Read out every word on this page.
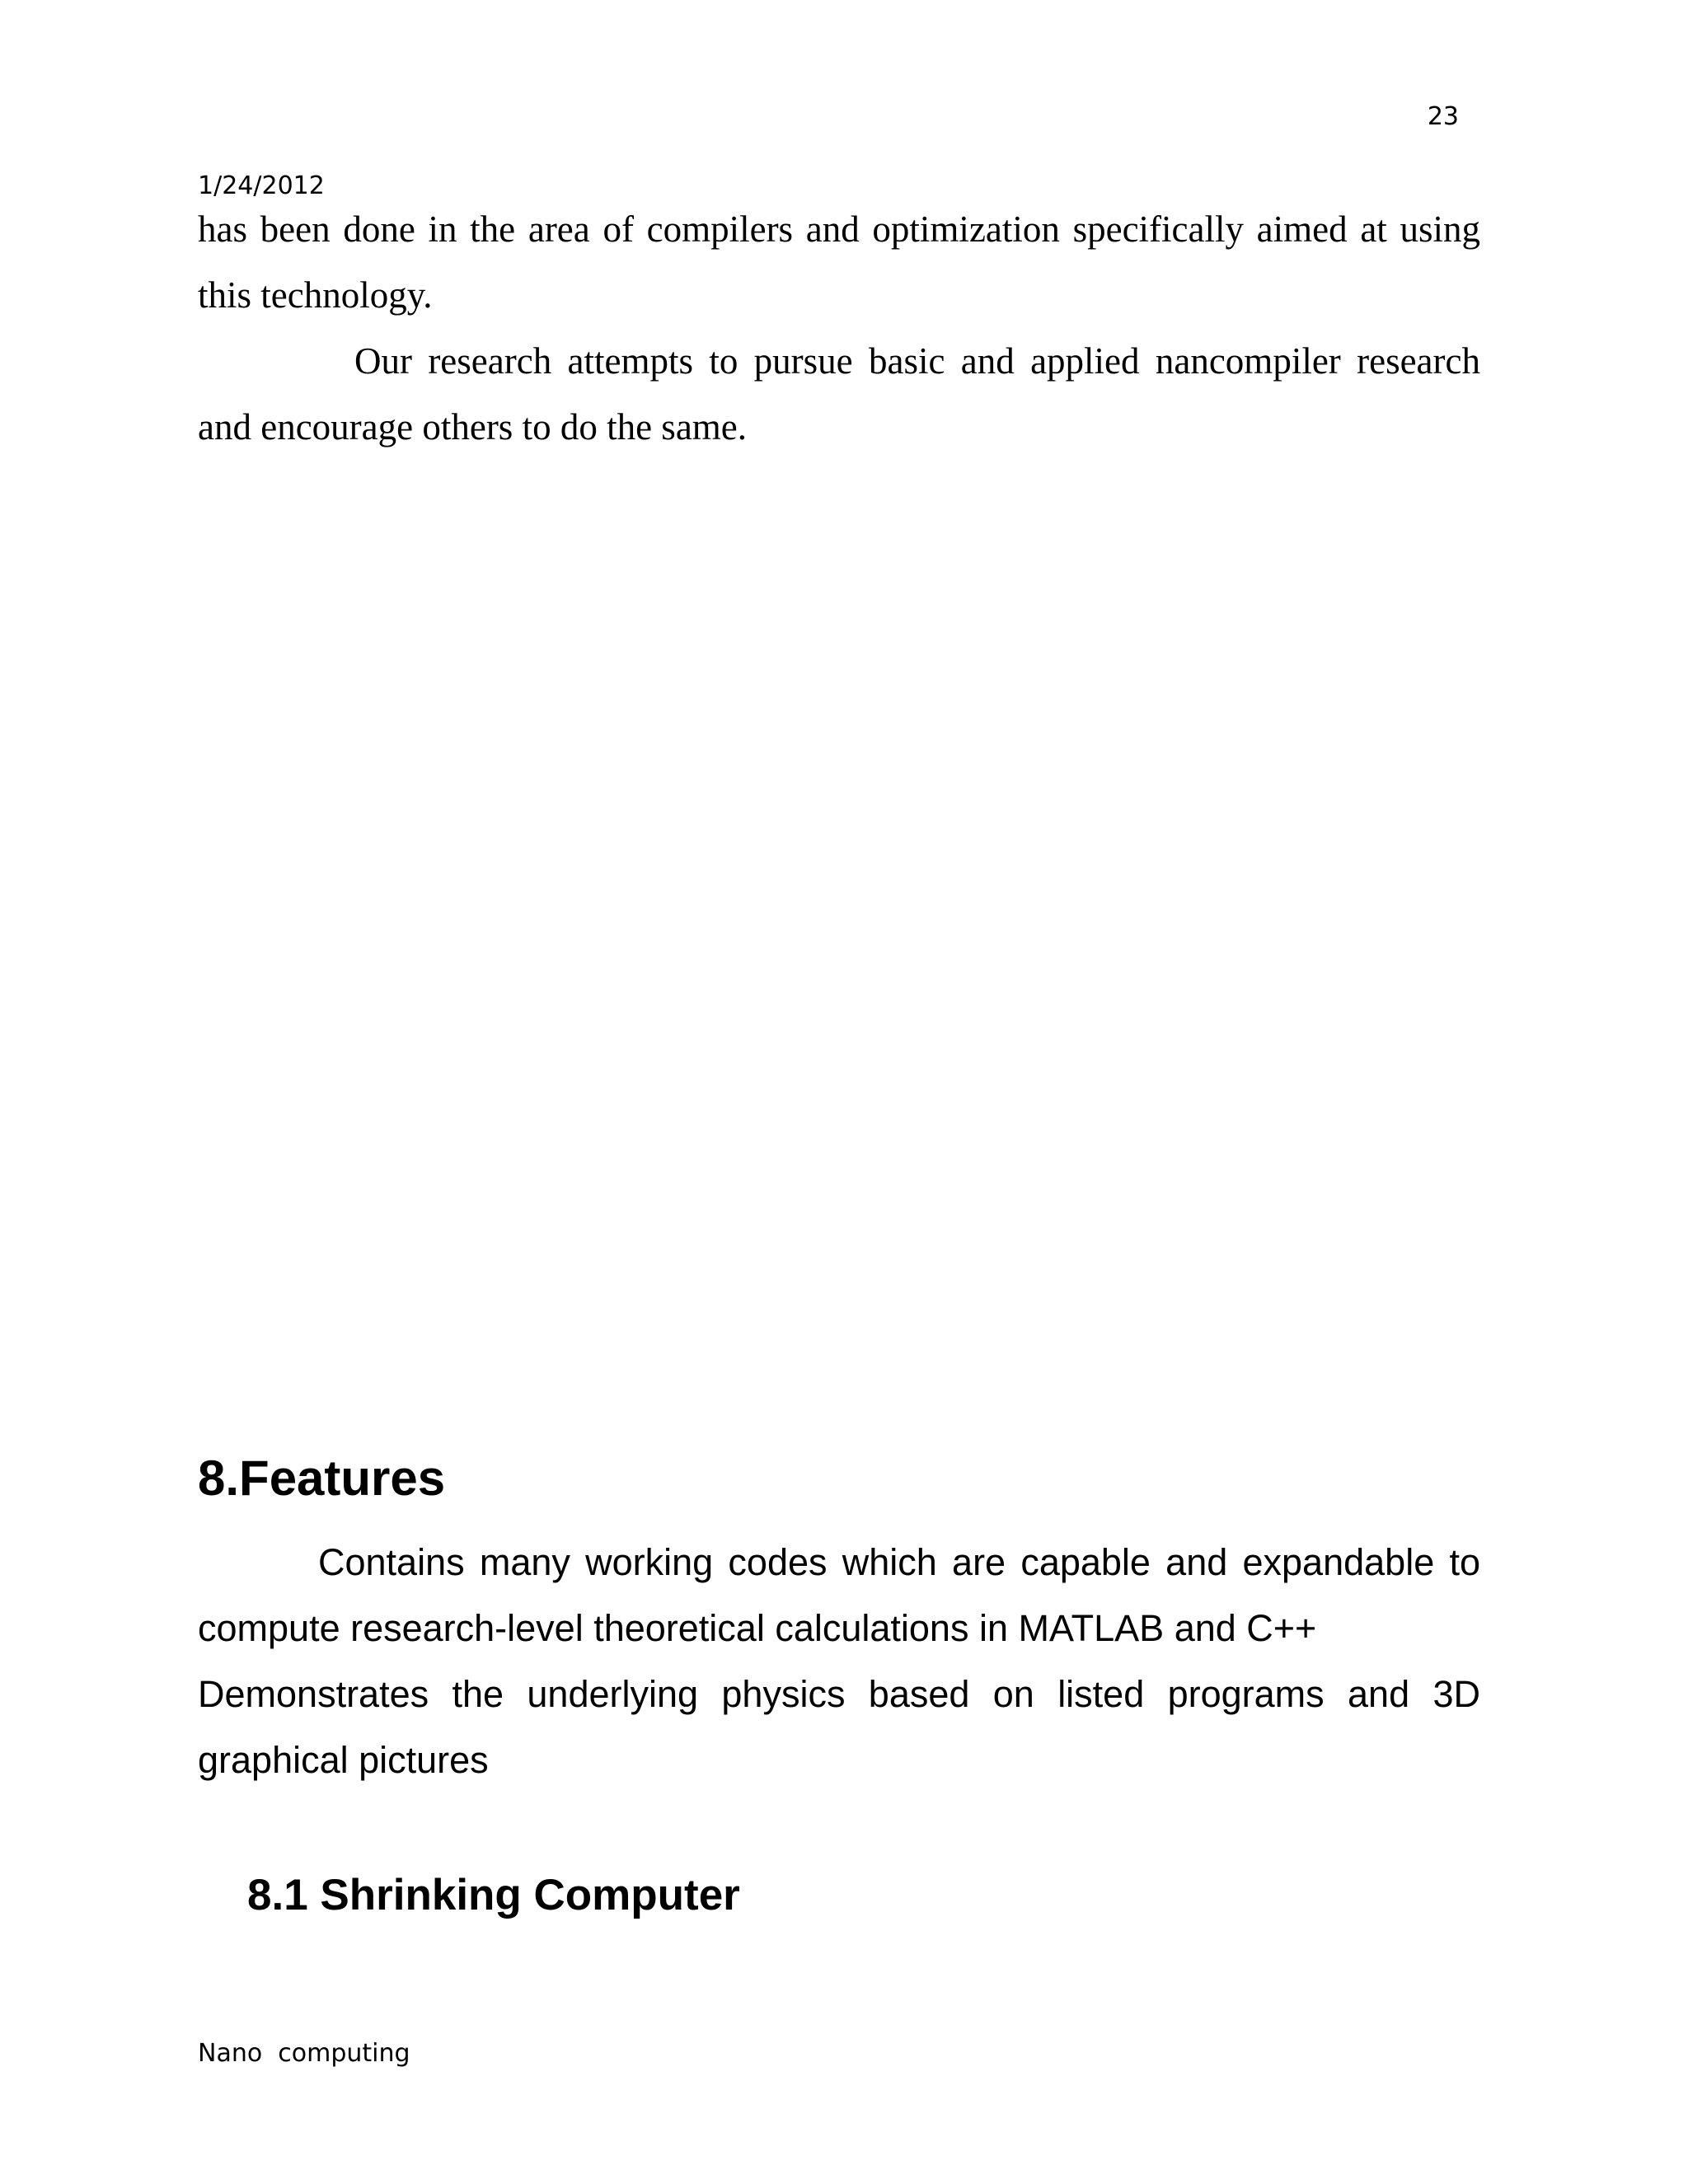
23
1/24/2012

has been done in the area of compilers and optimization specifically aimed at using this technology.

Our research attempts to pursue basic and applied nancompiler research and encourage others to do the same.

8.Features

Contains many working codes which are capable and expandable to compute research-level theoretical calculations in MATLAB and C++

Demonstrates the underlying physics based on listed programs and 3D graphical pictures

8.1 Shrinking Computer
Nano  computing
